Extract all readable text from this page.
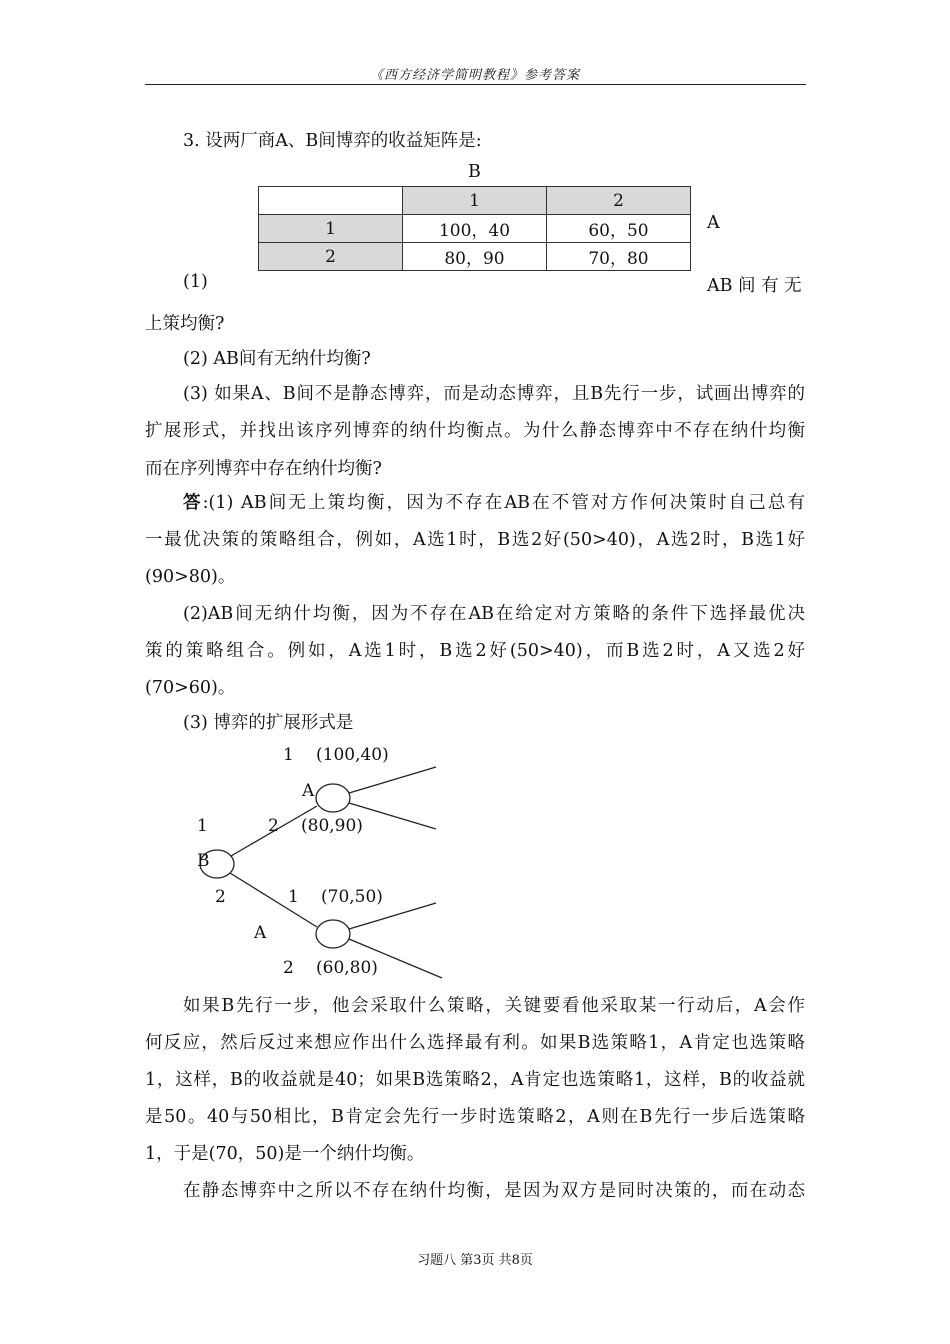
《西方经济学简明教程》参考答案
3. 设两厂商A、B间博弈的收益矩阵是:
B
	1	2
1	100，40	60，50
2	80，90	70，80
A
(1)	AB 间 有 无
上策均衡?
(2) AB间有无纳什均衡?
(3) 如果A、B间不是静态博弈，而是动态博弈，且B先行一步，试画出博弈的
扩展形式，并找出该序列博弈的纳什均衡点。为什么静态博弈中不存在纳什均衡
而在序列博弈中存在纳什均衡?
答:(1) AB间无上策均衡，因为不存在AB在不管对方作何决策时自己总有
一最优决策的策略组合，例如，A选1时，B选2好(50>40)，A选2时，B选1好
(90>80)。
(2)AB间无纳什均衡，因为不存在AB在给定对方策略的条件下选择最优决
策的策略组合。例如，A选1时，B选2好(50>40)，而B选2时，A又选2好
(70>60)。
(3) 博弈的扩展形式是
B
A
A
1
2
1
2
1
2
(100,40)
(80,90)
(70,50)
(60,80)
如果B先行一步，他会采取什么策略，关键要看他采取某一行动后，A会作
何反应，然后反过来想应作出什么选择最有利。如果B选策略1，A肯定也选策略
1，这样，B的收益就是40；如果B选策略2，A肯定也选策略1，这样，B的收益就
是50。40与50相比，B肯定会先行一步时选策略2，A则在B先行一步后选策略
1，于是(70，50)是一个纳什均衡。
在静态博弈中之所以不存在纳什均衡，是因为双方是同时决策的，而在动态
习题八 第3页 共8页
